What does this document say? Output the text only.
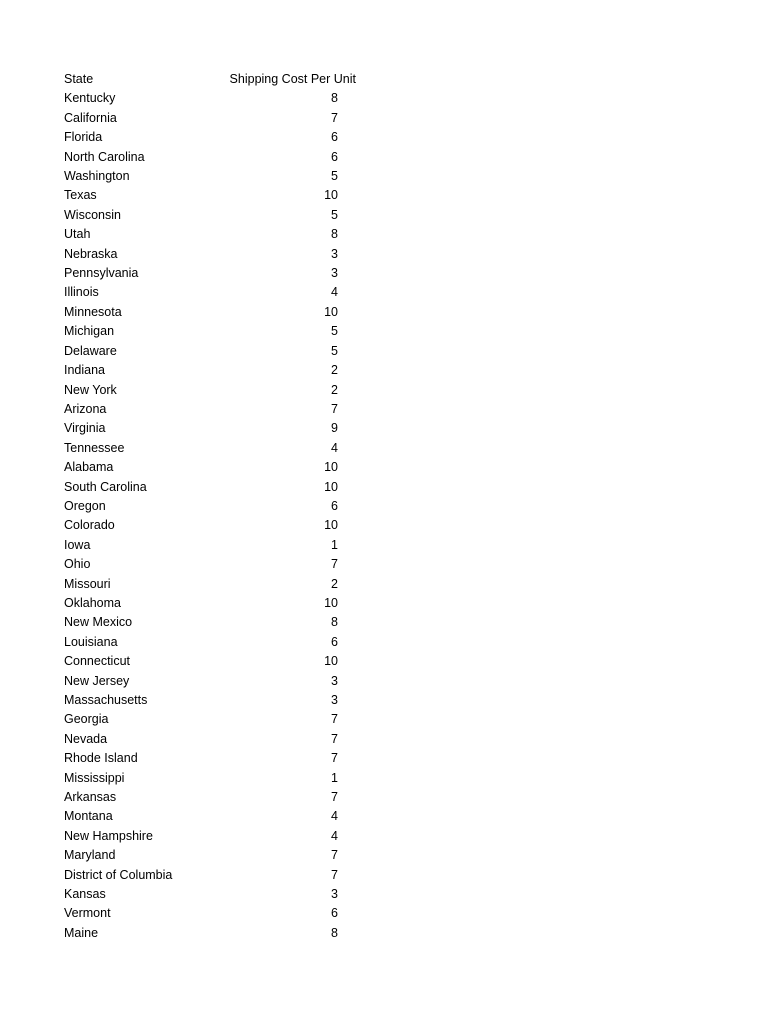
State	Shipping Cost Per Unit

Kentucky	8
California	7
Florida	6
North Carolina	6
Washington	5
Texas	10
Wisconsin	5
Utah	8
Nebraska	3
Pennsylvania	3
Illinois	4
Minnesota	10
Michigan	5
Delaware	5
Indiana	2
New York	2
Arizona	7
Virginia	9
Tennessee	4
Alabama	10
South Carolina	10
Oregon	6
Colorado	10
Iowa	1
Ohio	7
Missouri	2
Oklahoma	10
New Mexico	8
Louisiana	6
Connecticut	10
New Jersey	3
Massachusetts	3
Georgia	7
Nevada	7
Rhode Island	7
Mississippi	1
Arkansas	7
Montana	4
New Hampshire	4
Maryland	7
District of Columbia	7
Kansas	3
Vermont	6
Maine	8
